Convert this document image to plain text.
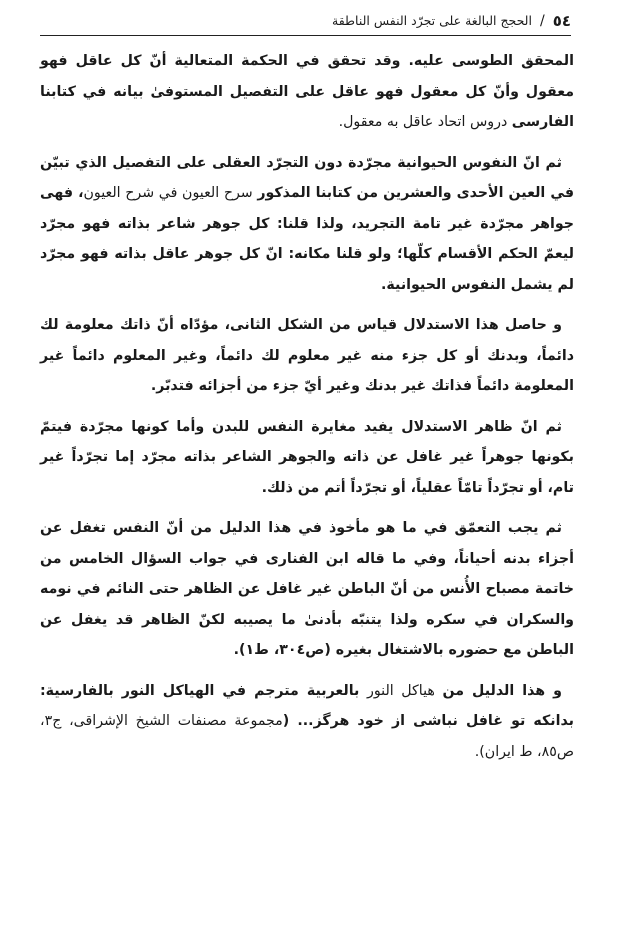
٥٤
/
الحجج البالغة على تجرّد النفس الناطقة

المحقق الطوسى عليه. وقد تحقق في الحكمة المتعالية أنّ كل عاقل فهو معقول وأنّ كل معقول فهو عاقل على التفصيل المستوفىٰ بيانه في كتابنا الفارسى دروس اتحاد عاقل به معقول.

ثم انّ النفوس الحيوانية مجرّدة دون التجرّد العقلى على التفصيل الذي تبيّن في العين الأحدى والعشرين من كتابنا المذكور سرح العيون في شرح العيون، فهى جواهر مجرّدة غير تامة التجريد، ولذا قلنا: كل جوهر شاعر بذاته فهو مجرّد ليعمّ الحكم الأقسام كلّها؛ ولو قلنا مكانه: انّ كل جوهر عاقل بذاته فهو مجرّد لم يشمل النفوس الحيوانية.

و حاصل هذا الاستدلال قياس من الشكل الثانى، مؤدّاه أنّ ذاتك معلومة لك دائماً، وبدنك أو كل جزء منه غير معلوم لك دائماً، وغير المعلوم دائماً غير المعلومة دائماً فذاتك غير بدنك وغير أيّ جزء من أجزائه فتدبّر.

ثم انّ ظاهر الاستدلال يفيد مغايرة النفس للبدن وأما كونها مجرّدة فيتمّ بكونها جوهراً غير غافل عن ذاته والجوهر الشاعر بذاته مجرّد إما تجرّداً غير تام، أو تجرّداً تامّاً عقلياً، أو تجرّداً أتم من ذلك.

ثم يجب التعمّق في ما هو مأخوذ في هذا الدليل من أنّ النفس تغفل عن أجزاء بدنه أحياناً، وفي ما قاله ابن الفنارى في جواب السؤال الخامس من خاتمة مصباح الأُنس من أنّ الباطن غير غافل عن الظاهر حتى النائم في نومه والسكران في سكره ولذا يتنبّه بأدنىٰ ما يصيبه لكنّ الظاهر قد يغفل عن الباطن مع حضوره بالاشتغال بغيره (ص٣٠٤، ط١).

و هذا الدليل من هياكل النور بالعربية مترجم في الهياكل النور بالفارسية: بدانكه تو غافل نباشى از خود هرگز... (مجموعة مصنفات الشيخ الإشراقى، ج٣، ص٨٥، ط ايران).
